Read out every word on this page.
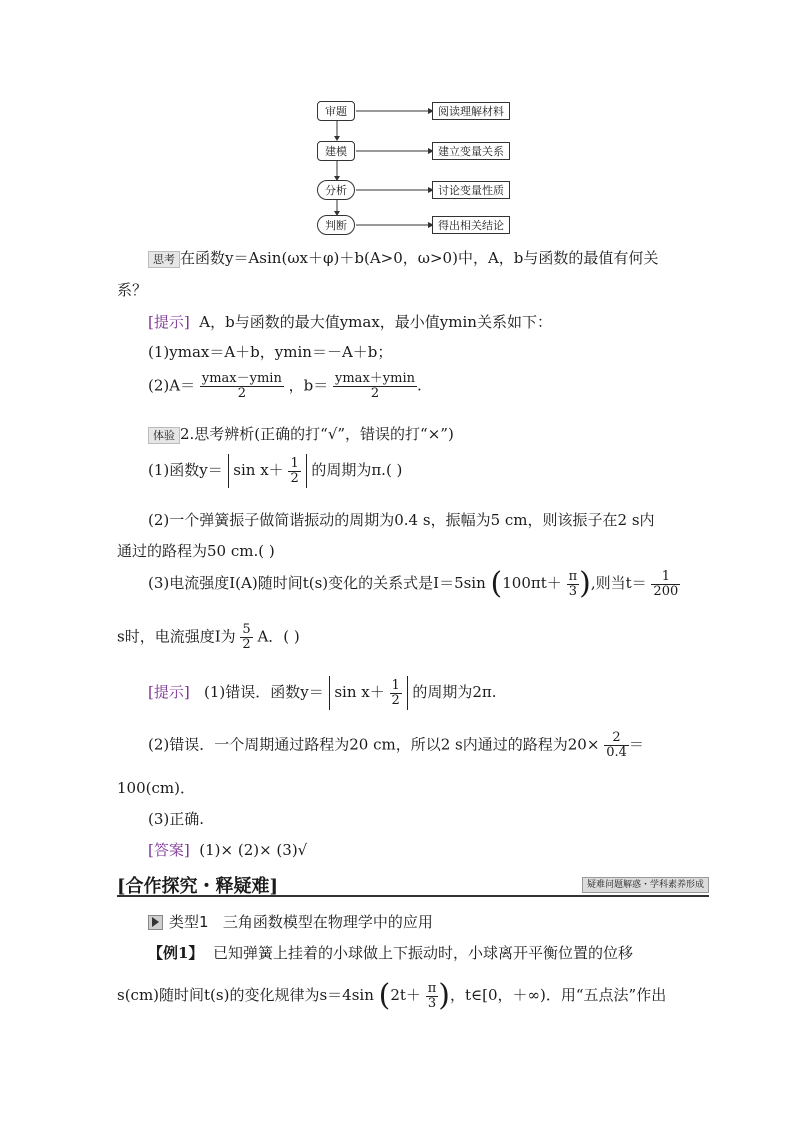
审题
建模
分析
判断
阅读理解材料
建立变量关系
讨论变量性质
得出相关结论
思考 在函数y＝Asin(ωx＋φ)＋b(A>0，ω>0)中，A，b与函数的最值有何关
系？
[提示] A，b与函数的最大值ymax，最小值ymin关系如下：
(1)ymax＝A＋b，ymin＝－A＋b；
$(2)A= \frac{ymax-ymin}{2}$ ，$b= \frac{ymax+ymin}{2}$ .
体验 2.思考辨析(正确的打“√”，错误的打“×”)
(1)函数$y= \sin x+ \frac{1}{2}$ 的周期为π.( )
(2)一个弹簧振子做简谐振动的周期为0.4 s，振幅为5 cm，则该振子在2 s内
通过的路程为50 cm.( )
(3)电流强度I(A)随时间t(s)变化的关系式是I＝5sin ($100\pi t+ \frac{\pi}{3}$ ),则当$t= \frac{1}{200}$
s时，电流强度I为 $\frac{5}{2}$ A．( )
[提示] (1)错误．函数$y= \sin x+ \frac{1}{2}$ 的周期为2π.
(2)错误．一个周期通过路程为20 cm，所以2 s内通过的路程为$20\times \frac{2}{0.4}$ ＝
100(cm)．
(3)正确.
[答案] (1)× (2)× (3)√
[合作探究・释疑难]	疑难问题解惑・学科素养形成
类型1 三角函数模型在物理学中的应用
【例1】 已知弹簧上挂着的小球做上下振动时，小球离开平衡位置的位移
s(cm)随时间t(s)的变化规律为s＝4sin ($2t+ \frac{\pi}{3}$ )，t∈[0，＋∞)．用“五点法”作出
